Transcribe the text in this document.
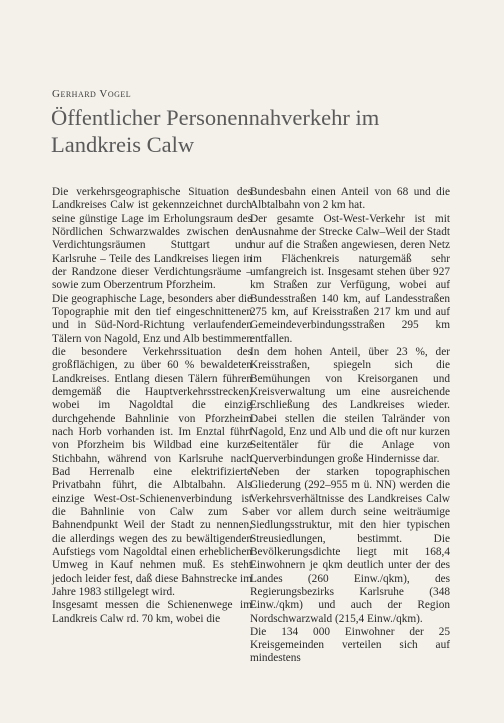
Gerhard Vogel
Öffentlicher Personennahverkehr im Landkreis Calw

Die verkehrsgeographische Situation des Landkreises Calw ist gekennzeichnet durch seine günstige Lage im Erholungsraum des Nördlichen Schwarzwaldes zwischen den Verdichtungsräumen Stuttgart und Karlsruhe – Teile des Landkreises liegen in der Randzone dieser Verdichtungsräume – sowie zum Oberzentrum Pforzheim.

Die geographische Lage, besonders aber die Topographie mit den tief eingeschnittenen und in Süd-Nord-Richtung verlaufenden Tälern von Nagold, Enz und Alb bestimmen die besondere Verkehrssituation des großflächigen, zu über 60 % bewaldeten Landkreises. Entlang diesen Tälern führen demgemäß die Hauptverkehrsstrecken, wobei im Nagoldtal die einzig durchgehende Bahnlinie von Pforzheim nach Horb vorhanden ist. Im Enztal führt von Pforzheim bis Wildbad eine kurze Stichbahn, während von Karlsruhe nach Bad Herrenalb eine elektrifizierte Privatbahn führt, die Albtalbahn. Als einzige West-Ost-Schienenverbindung ist die Bahnlinie von Calw zum S-Bahnendpunkt Weil der Stadt zu nennen, die allerdings wegen des zu bewältigenden Aufstiegs vom Nagoldtal einen erheblichen Umweg in Kauf nehmen muß. Es steht jedoch leider fest, daß diese Bahnstrecke im Jahre 1983 stillgelegt wird.

Insgesamt messen die Schienenwege im Landkreis Calw rd. 70 km, wobei die

Bundesbahn einen Anteil von 68 und die Albtalbahn von 2 km hat.

Der gesamte Ost-West-Verkehr ist mit Ausnahme der Strecke Calw–Weil der Stadt nur auf die Straßen angewiesen, deren Netz im Flächenkreis naturgemäß sehr umfangreich ist. Insgesamt stehen über 927 km Straßen zur Verfügung, wobei auf Bundesstraßen 140 km, auf Landesstraßen 275 km, auf Kreisstraßen 217 km und auf Gemeindeverbindungsstraßen 295 km entfallen.

In dem hohen Anteil, über 23 %, der Kreisstraßen, spiegeln sich die Bemühungen von Kreisorganen und Kreisverwaltung um eine ausreichende Erschließung des Landkreises wieder. Dabei stellen die steilen Talränder von Nagold, Enz und Alb und die oft nur kurzen Seitentäler für die Anlage von Querverbindungen große Hindernisse dar.

Neben der starken topographischen Gliederung (292–955 m ü. NN) werden die Verkehrsverhältnisse des Landkreises Calw aber vor allem durch seine weiträumige Siedlungsstruktur, mit den hier typischen Streusiedlungen, bestimmt. Die Bevölkerungsdichte liegt mit 168,4 Einwohnern je qkm deutlich unter der des Landes (260 Einw./qkm), des Regierungsbezirks Karlsruhe (348 Einw./qkm) und auch der Region Nordschwarzwald (215,4 Einw./qkm).

Die 134 000 Einwohner der 25 Kreisgemeinden verteilen sich auf mindestens
